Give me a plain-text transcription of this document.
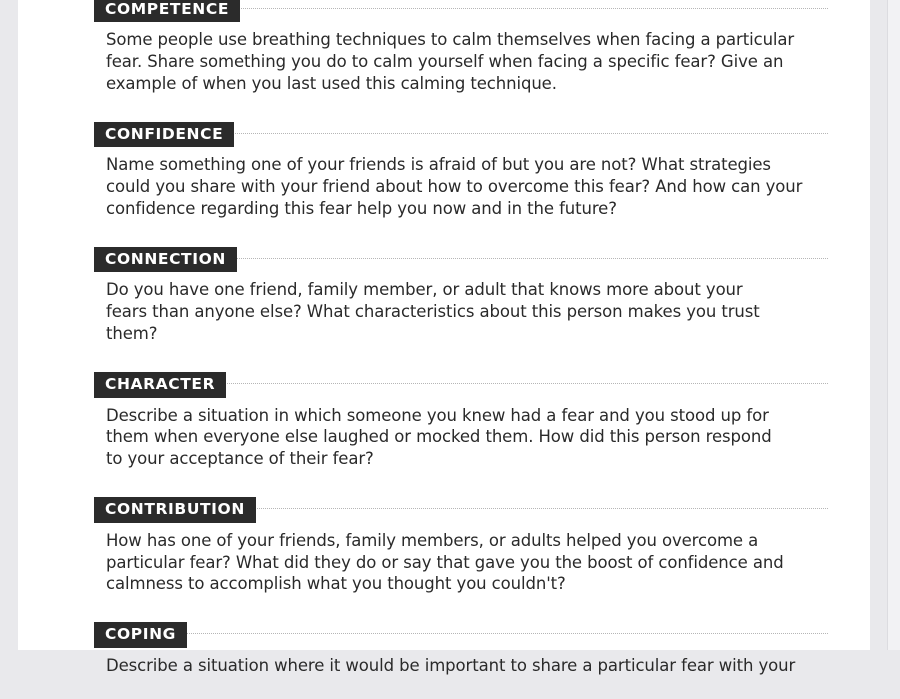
COMPETENCE

Some people use breathing techniques to calm themselves when facing a particular fear. Share something you do to calm yourself when facing a specific fear? Give an example of when you last used this calming technique.

CONFIDENCE

Name something one of your friends is afraid of but you are not? What strategies could you share with your friend about how to overcome this fear? And how can your confidence regarding this fear help you now and in the future?

CONNECTION

Do you have one friend, family member, or adult that knows more about your fears than anyone else? What characteristics about this person makes you trust them?

CHARACTER

Describe a situation in which someone you knew had a fear and you stood up for them when everyone else laughed or mocked them. How did this person respond to your acceptance of their fear?

CONTRIBUTION

How has one of your friends, family members, or adults helped you overcome a particular fear? What did they do or say that gave you the boost of confidence and calmness to accomplish what you thought you couldn't?

COPING

Describe a situation where it would be important to share a particular fear with your
